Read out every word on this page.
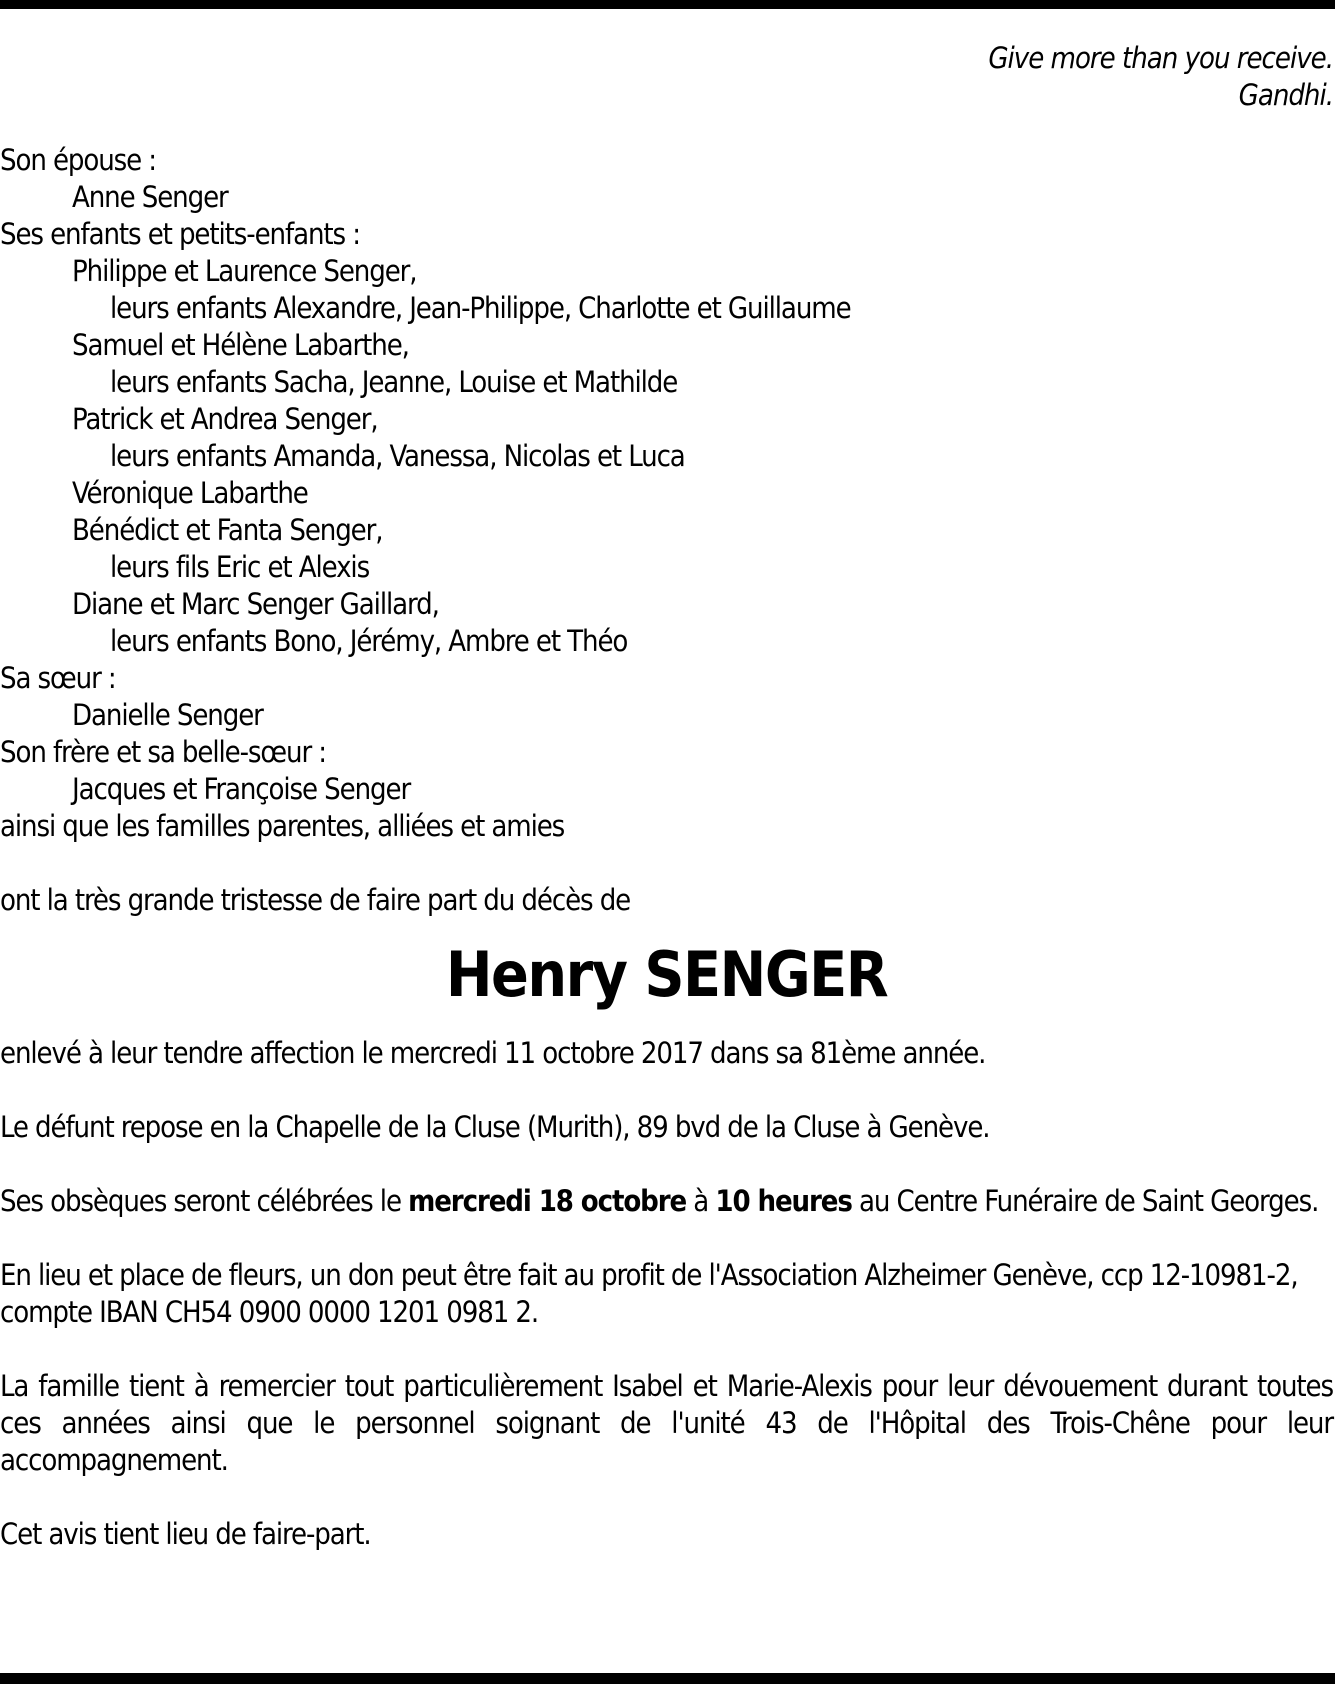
Give more than you receive.
Gandhi.
Son épouse :
Anne Senger
Ses enfants et petits-enfants :
Philippe et Laurence Senger,
leurs enfants Alexandre, Jean-Philippe, Charlotte et Guillaume
Samuel et Hélène Labarthe,
leurs enfants Sacha, Jeanne, Louise et Mathilde
Patrick et Andrea Senger,
leurs enfants Amanda, Vanessa, Nicolas et Luca
Véronique Labarthe
Bénédict et Fanta Senger,
leurs fils Eric et Alexis
Diane et Marc Senger Gaillard,
leurs enfants Bono, Jérémy, Ambre et Théo
Sa sœur :
Danielle Senger
Son frère et sa belle-sœur :
Jacques et Françoise Senger
ainsi que les familles parentes, alliées et amies
ont la très grande tristesse de faire part du décès de
Henry SENGER
enlevé à leur tendre affection le mercredi 11 octobre 2017 dans sa 81ème année.
Le défunt repose en la Chapelle de la Cluse (Murith), 89 bvd de la Cluse à Genève.
Ses obsèques seront célébrées le mercredi 18 octobre à 10 heures au Centre Funéraire de Saint Georges.
En lieu et place de fleurs, un don peut être fait au profit de l'Association Alzheimer Genève, ccp 12-10981-2, compte IBAN CH54 0900 0000 1201 0981 2.
La famille tient à remercier tout particulièrement Isabel et Marie-Alexis pour leur dévouement durant toutes ces années ainsi que le personnel soignant de l'unité 43 de l'Hôpital des Trois-Chêne pour leur accompagnement.
Cet avis tient lieu de faire-part.
